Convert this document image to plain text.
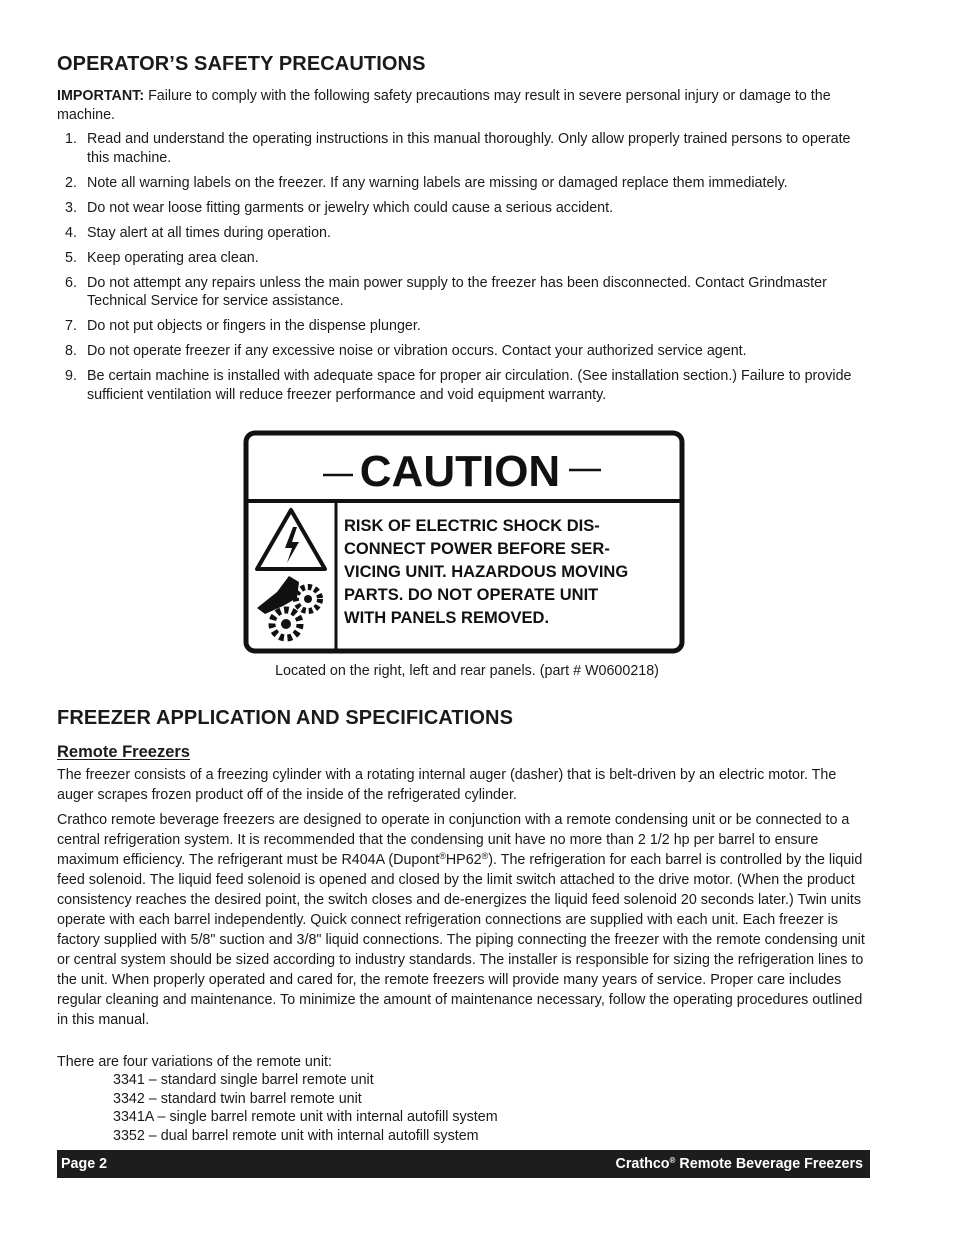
OPERATOR’S SAFETY PRECAUTIONS
IMPORTANT: Failure to comply with the following safety precautions may result in severe personal injury or damage to the machine.
1. Read and understand the operating instructions in this manual thoroughly. Only allow properly trained persons to operate this machine.
2. Note all warning labels on the freezer. If any warning labels are missing or damaged replace them immediately.
3. Do not wear loose fitting garments or jewelry which could cause a serious accident.
4. Stay alert at all times during operation.
5. Keep operating area clean.
6. Do not attempt any repairs unless the main power supply to the freezer has been disconnected. Contact Grindmaster Technical Service for service assistance.
7. Do not put objects or fingers in the dispense plunger.
8. Do not operate freezer if any excessive noise or vibration occurs. Contact your authorized service agent.
9. Be certain machine is installed with adequate space for proper air circulation. (See installation section.) Failure to provide sufficient ventilation will reduce freezer performance and void equipment warranty.
CAUTION
RISK OF ELECTRIC SHOCK DIS-
CONNECT POWER BEFORE SER-
VICING UNIT. HAZARDOUS MOVING
PARTS. DO NOT OPERATE UNIT
WITH PANELS REMOVED.
Located on the right, left and rear panels. (part # W0600218)
FREEZER APPLICATION AND SPECIFICATIONS
Remote Freezers

The freezer consists of a freezing cylinder with a rotating internal auger (dasher) that is belt-driven by an electric motor. The auger scrapes frozen product off of the inside of the refrigerated cylinder.

Crathco remote beverage freezers are designed to operate in conjunction with a remote condensing unit or be connected to a central refrigeration system. It is recommended that the condensing unit have no more than 2 1/2 hp per barrel to ensure maximum efficiency. The refrigerant must be R404A (Dupont®HP62®). The refrigeration for each barrel is controlled by the liquid feed solenoid. The liquid feed solenoid is opened and closed by the limit switch attached to the drive motor. (When the product consistency reaches the desired point, the switch closes and de-energizes the liquid feed solenoid 20 seconds later.) Twin units operate with each barrel independently. Quick connect refrigeration connections are supplied with each unit. Each freezer is factory supplied with 5/8" suction and 3/8" liquid connections. The piping connecting the freezer with the remote condensing unit or central system should be sized according to industry standards. The installer is responsible for sizing the refrigeration lines to the unit. When properly operated and cared for, the remote freezers will provide many years of service. Proper care includes regular cleaning and maintenance. To minimize the amount of maintenance necessary, follow the operating procedures outlined in this manual.

There are four variations of the remote unit:

3341 – standard single barrel remote unit
3342 – standard twin barrel remote unit
3341A – single barrel remote unit with internal autofill system
3352 – dual barrel remote unit with internal autofill system
Page 2	Crathco® Remote Beverage Freezers
